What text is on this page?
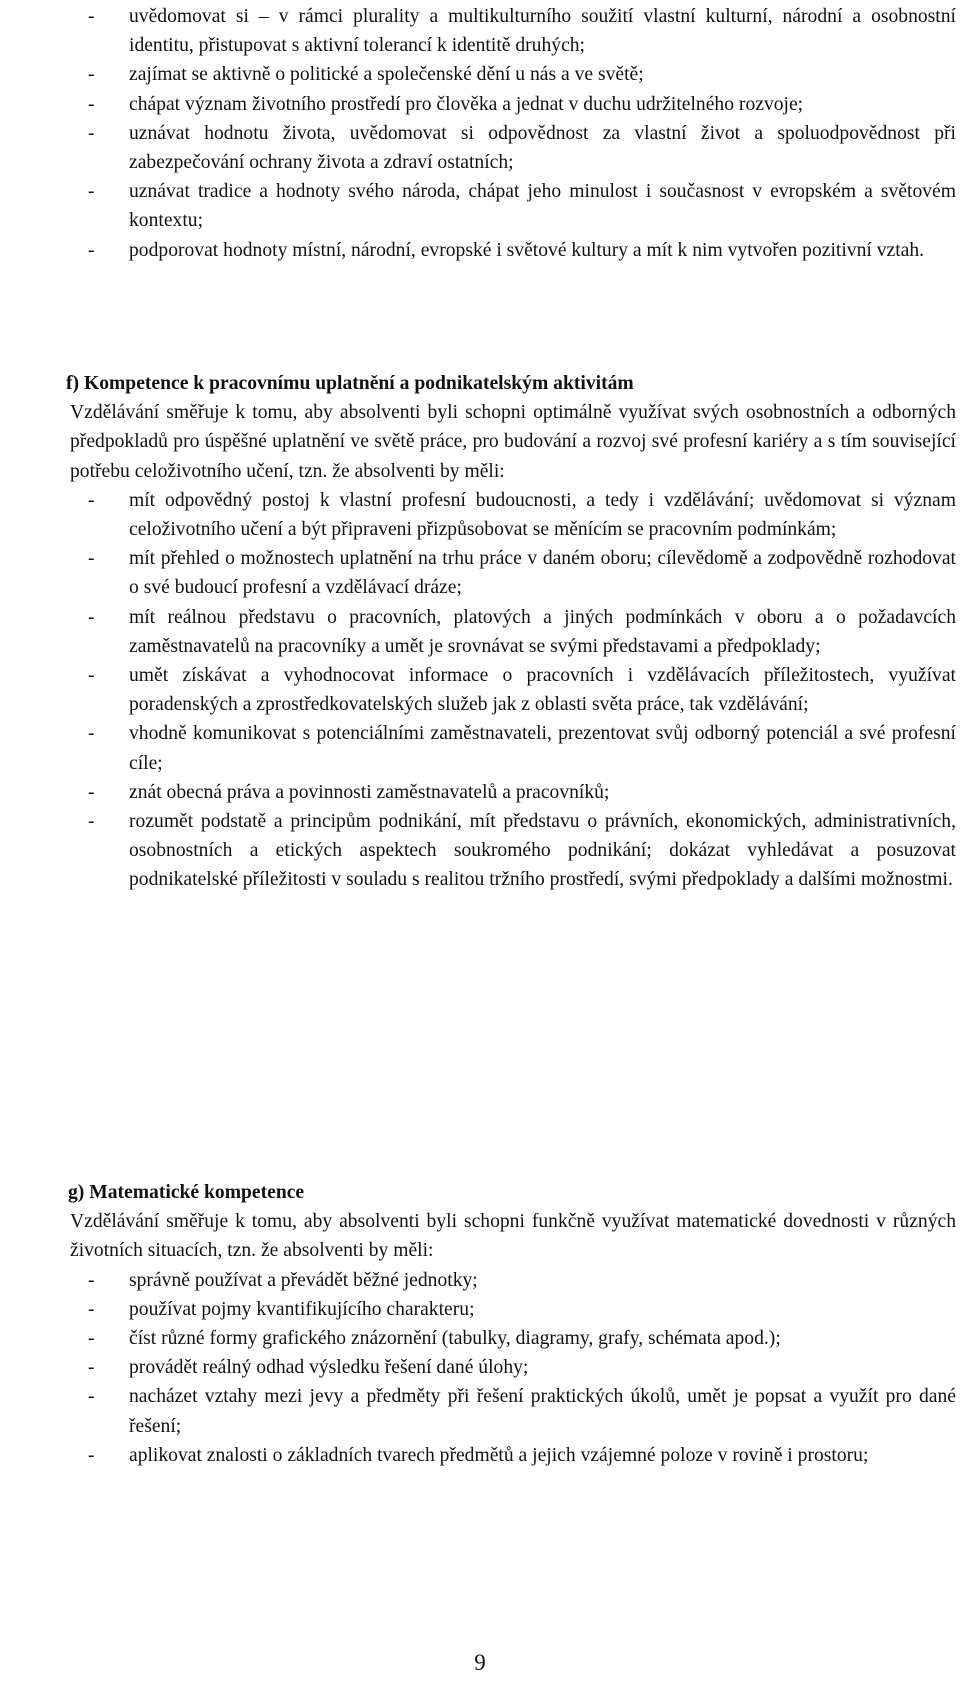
- uvědomovat si – v rámci plurality a multikulturního soužití vlastní kulturní, národní a osobnostní identitu, přistupovat s aktivní tolerancí k identitě druhých;
- zajímat se aktivně o politické a společenské dění u nás a ve světě;
- chápat význam životního prostředí pro člověka a jednat v duchu udržitelného rozvoje;
- uznávat hodnotu života, uvědomovat si odpovědnost za vlastní život a spoluodpovědnost při zabezpečování ochrany života a zdraví ostatních;
- uznávat tradice a hodnoty svého národa, chápat jeho minulost i současnost v evropském a světovém kontextu;
- podporovat hodnoty místní, národní, evropské i světové kultury a mít k nim vytvořen pozitivní vztah.
f) Kompetence k pracovnímu uplatnění a podnikatelským aktivitám

Vzdělávání směřuje k tomu, aby absolventi byli schopni optimálně využívat svých osobnostních a odborných předpokladů pro úspěšné uplatnění ve světě práce, pro budování a rozvoj své profesní kariéry a s tím související potřebu celoživotního učení, tzn. že absolventi by měli:

- mít odpovědný postoj k vlastní profesní budoucnosti, a tedy i vzdělávání; uvědomovat si význam celoživotního učení a být připraveni přizpůsobovat se měnícím se pracovním podmínkám;
- mít přehled o možnostech uplatnění na trhu práce v daném oboru; cílevědomě a zodpovědně rozhodovat o své budoucí profesní a vzdělávací dráze;
- mít reálnou představu o pracovních, platových a jiných podmínkách v oboru a o požadavcích zaměstnavatelů na pracovníky a umět je srovnávat se svými představami a předpoklady;
- umět získávat a vyhodnocovat informace o pracovních i vzdělávacích příležitostech, využívat poradenských a zprostředkovatelských služeb jak z oblasti světa práce, tak vzdělávání;
- vhodně komunikovat s potenciálními zaměstnavateli, prezentovat svůj odborný potenciál a své profesní cíle;
- znát obecná práva a povinnosti zaměstnavatelů a pracovníků;
- rozumět podstatě a principům podnikání, mít představu o právních, ekonomických, administrativních, osobnostních a etických aspektech soukromého podnikání; dokázat vyhledávat a posuzovat podnikatelské příležitosti v souladu s realitou tržního prostředí, svými předpoklady a dalšími možnostmi.
g) Matematické kompetence

Vzdělávání směřuje k tomu, aby absolventi byli schopni funkčně využívat matematické dovednosti v různých životních situacích, tzn. že absolventi by měli:

- správně používat a převádět běžné jednotky;
- používat pojmy kvantifikujícího charakteru;
- číst různé formy grafického znázornění (tabulky, diagramy, grafy, schémata apod.);
- provádět reálný odhad výsledku řešení dané úlohy;
- nacházet vztahy mezi jevy a předměty při řešení praktických úkolů, umět je popsat a využít pro dané řešení;
- aplikovat znalosti o základních tvarech předmětů a jejich vzájemné poloze v rovině i prostoru;
9
